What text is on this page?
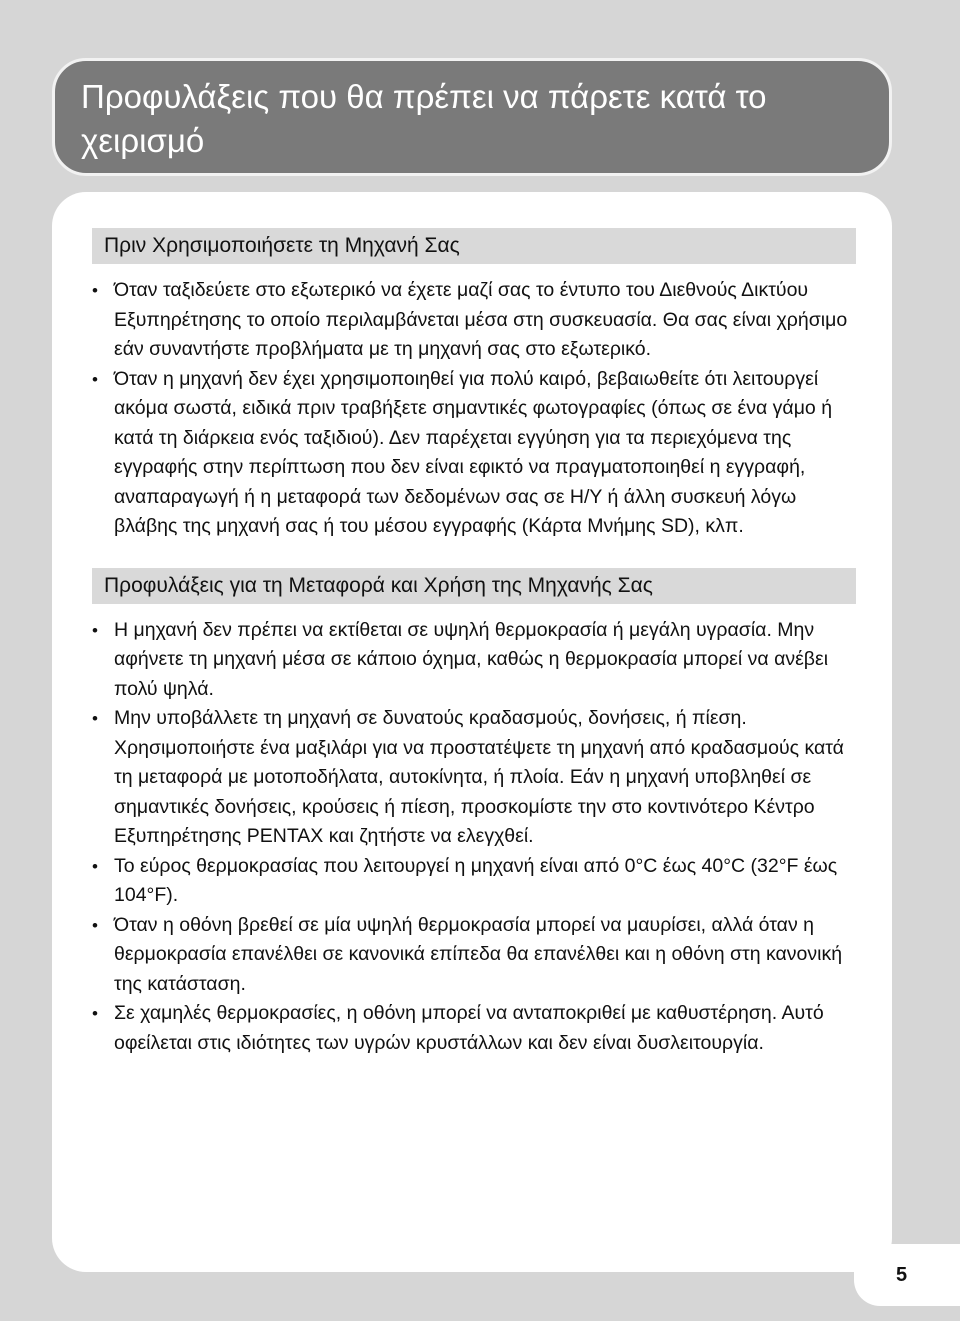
Προφυλάξεις που θα πρέπει να πάρετε κατά το χειρισμό
Πριν Χρησιμοποιήσετε τη Μηχανή Σας
• Όταν ταξιδεύετε στο εξωτερικό να έχετε μαζί σας το έντυπο του Διεθνούς Δικτύου Εξυπηρέτησης το οποίο περιλαμβάνεται μέσα στη συσκευασία. Θα σας είναι χρήσιμο εάν συναντήστε προβλήματα με τη μηχανή σας στο εξωτερικό.
• Όταν η μηχανή δεν έχει χρησιμοποιηθεί για πολύ καιρό, βεβαιωθείτε ότι λειτουργεί ακόμα σωστά, ειδικά πριν τραβήξετε σημαντικές φωτογραφίες (όπως σε ένα γάμο ή κατά τη διάρκεια ενός ταξιδιού). Δεν παρέχεται εγγύηση για τα περιεχόμενα της εγγραφής στην περίπτωση που δεν είναι εφικτό να πραγματοποιηθεί η εγγραφή, αναπαραγωγή ή η μεταφορά των δεδομένων σας σε Η/Υ ή άλλη συσκευή λόγω βλάβης της μηχανή σας ή του μέσου εγγραφής (Κάρτα Μνήμης SD), κλπ.
Προφυλάξεις για τη Μεταφορά και Χρήση της Μηχανής Σας
• Η μηχανή δεν πρέπει να εκτίθεται σε υψηλή θερμοκρασία ή μεγάλη υγρασία. Μην αφήνετε τη μηχανή μέσα σε κάποιο όχημα, καθώς η θερμοκρασία μπορεί να ανέβει πολύ ψηλά.
• Μην υποβάλλετε τη μηχανή σε δυνατούς κραδασμούς, δονήσεις, ή πίεση. Χρησιμοποιήστε ένα μαξιλάρι για να προστατέψετε τη μηχανή από κραδασμούς κατά τη μεταφορά με μοτοποδήλατα, αυτοκίνητα, ή πλοία. Εάν η μηχανή υποβληθεί σε σημαντικές δονήσεις, κρούσεις ή πίεση, προσκομίστε την στο κοντινότερο Κέντρο Εξυπηρέτησης PENTAX και ζητήστε να ελεγχθεί.
• Το εύρος θερμοκρασίας που λειτουργεί η μηχανή είναι από 0°C έως 40°C (32°F έως 104°F).
• Όταν η οθόνη βρεθεί σε μία υψηλή θερμοκρασία μπορεί να μαυρίσει, αλλά όταν η θερμοκρασία επανέλθει σε κανονικά επίπεδα θα επανέλθει και η οθόνη στη κανονική της κατάσταση.
• Σε χαμηλές θερμοκρασίες, η οθόνη μπορεί να ανταποκριθεί με καθυστέρηση. Αυτό οφείλεται στις ιδιότητες των υγρών κρυστάλλων και δεν είναι δυσλειτουργία.
5
